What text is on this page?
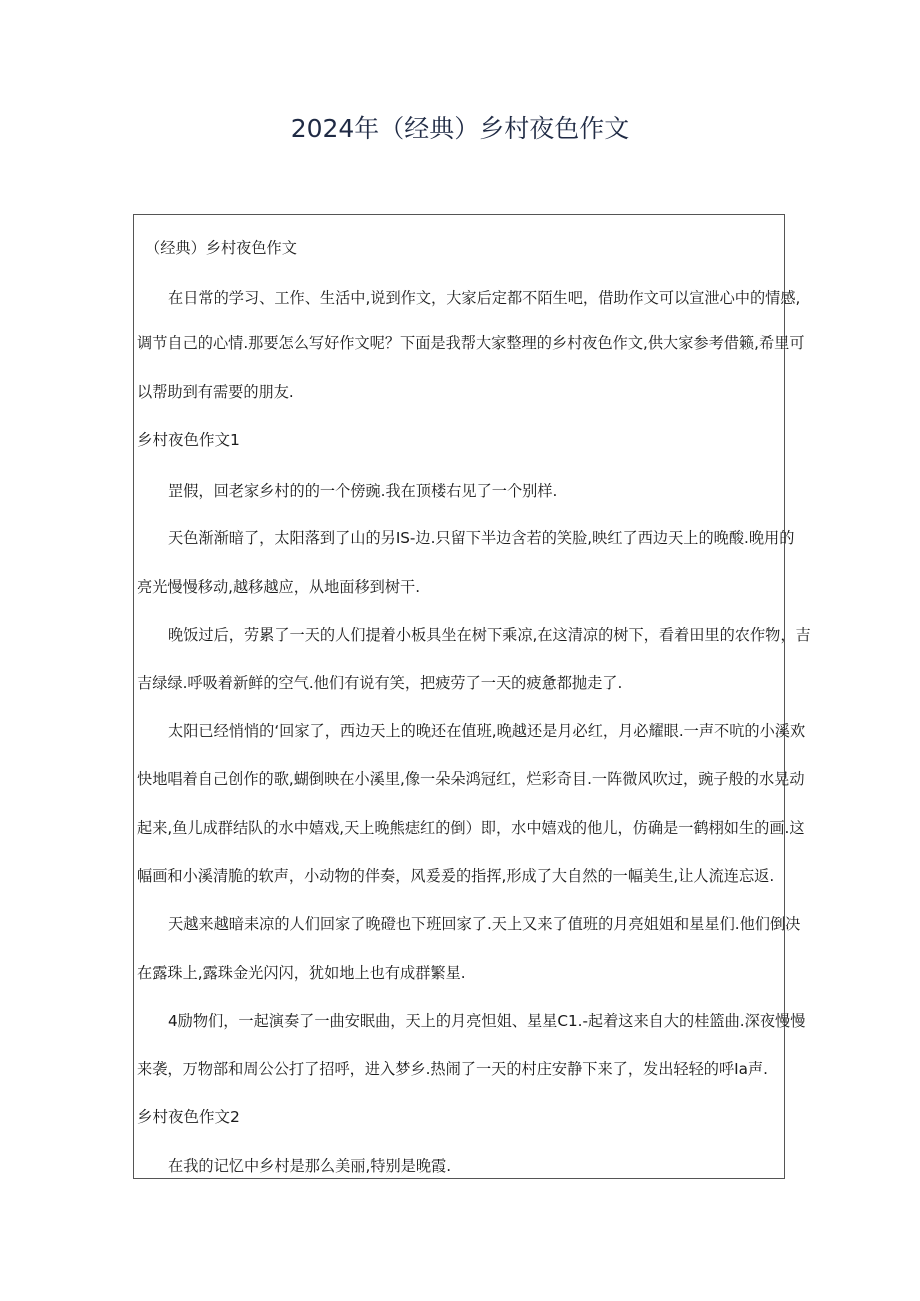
2024年（经典）乡村夜色作文

（经典）乡村夜色作文

在日常的学习、工作、生活中,说到作文，大家后定都不陌生吧，借助作文可以宣泄心中的情感,

调节自己的心情.那要怎么写好作文呢？下面是我帮大家整理的乡村夜色作文,供大家参考借籁,希里可

以帮助到有需要的朋友.

乡村夜色作文1

罡假，回老家乡村的的一个傍豌.我在顶楼右见了一个别样.

天色渐渐暗了，太阳落到了山的另IS-边.只留下半边含若的笑脸,映红了西边天上的晚酸.晚用的

亮光慢慢移动,越移越应，从地面移到树干.

晚饭过后，劳累了一天的人们提着小板具坐在树下乘凉,在这清凉的树下，看着田里的农作物，吉

吉绿绿.呼吸着新鲜的空气.他们有说有笑，把疲劳了一天的疲惫都抛走了.

太阳已经悄悄的‘回家了，西边天上的晚还在值班,晚越还是月必红，月必耀眼.一声不吭的小溪欢

快地唱着自己创作的歌,蝴倒映在小溪里,像一朵朵鸿冠红，烂彩奇目.一阵微风吹过，豌子般的水晃动

起来,鱼儿成群结队的水中嬉戏,天上晚熊痣红的倒）即，水中嬉戏的他儿，仿确是一鹤栩如生的画.这

幅画和小溪清脆的软声，小动物的伴奏，风爰爰的指挥,形成了大自然的一幅美生,让人流连忘返.

天越来越暗耒凉的人们回家了晚磴也下班回家了.天上又来了值班的月亮姐姐和星星们.他们倒决

在露珠上,露珠金光闪闪，犹如地上也有成群繁星.

4励物们，一起演奏了一曲安眠曲，天上的月亮怛姐、星星C1.-起着这来自大的桂篮曲.深夜慢慢

来袭，万物部和周公公打了招呼，进入梦乡.热闹了一天的村庄安静下来了，发出轻轻的呼Ia声.

乡村夜色作文2

在我的记忆中乡村是那么美丽,特别是晚霞.
